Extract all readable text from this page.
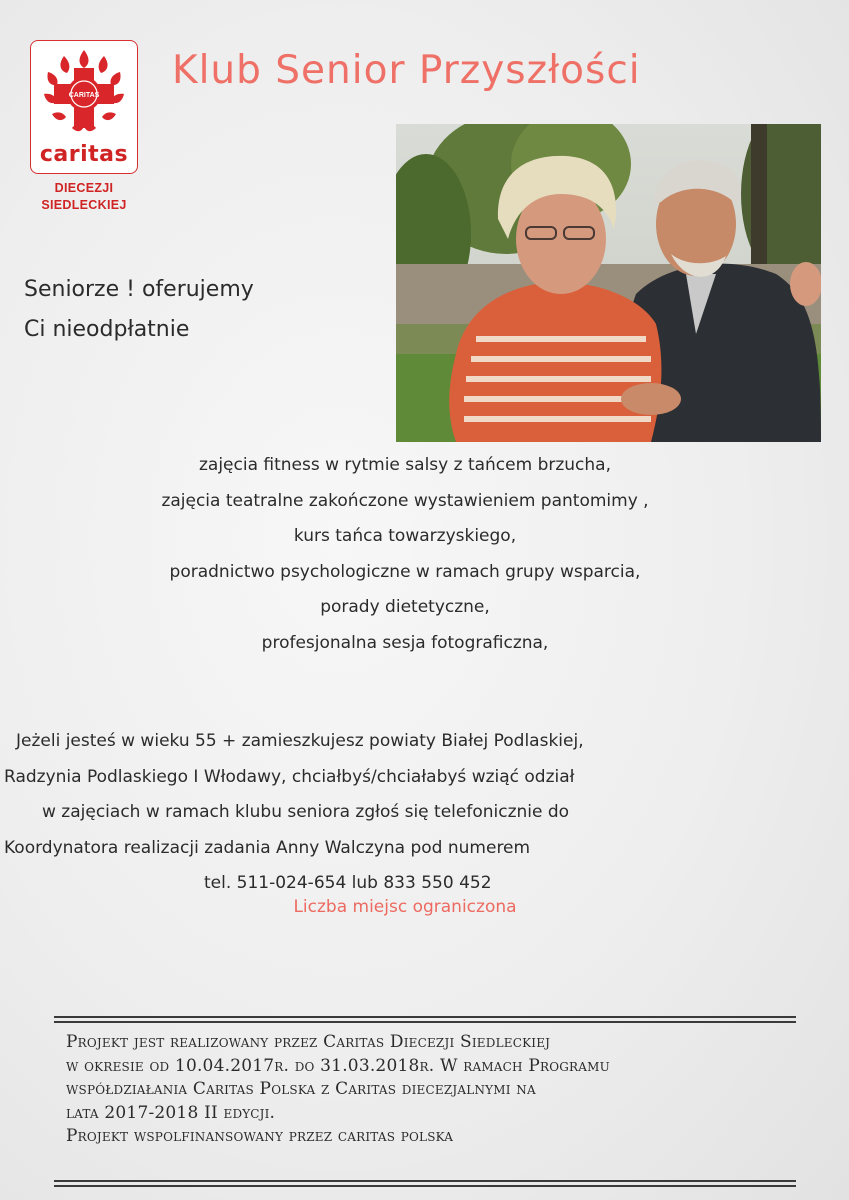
CARITAS
caritas
DIECEZJI
SIEDLECKIEJ
Klub Senior Przyszłości
Seniorze ! oferujemy
Ci nieodpłatnie
zajęcia fitness w rytmie salsy z tańcem brzucha,
zajęcia teatralne zakończone wystawieniem pantomimy ,
kurs tańca towarzyskiego,
poradnictwo psychologiczne w ramach grupy wsparcia,
porady dietetyczne,
profesjonalna sesja fotograficzna,
Jeżeli jesteś w wieku 55 + zamieszkujesz powiaty Białej Podlaskiej,
Radzynia Podlaskiego I Włodawy, chciałbyś/chciałabyś wziąć odział
w zajęciach w ramach klubu seniora zgłoś się telefonicznie do
Koordynatora realizacji zadania Anny Walczyna pod numerem
tel. 511-024-654 lub 833 550 452
Liczba miejsc ograniczona
Projekt jest realizowany przez Caritas Diecezji Siedleckiej
w okresie od 10.04.2017r. do 31.03.2018r. W ramach Programu
współdziałania Caritas Polska z Caritas diecezjalnymi na
lata 2017-2018 II edycji.
Projekt wspolfinansowany przez caritas polska
